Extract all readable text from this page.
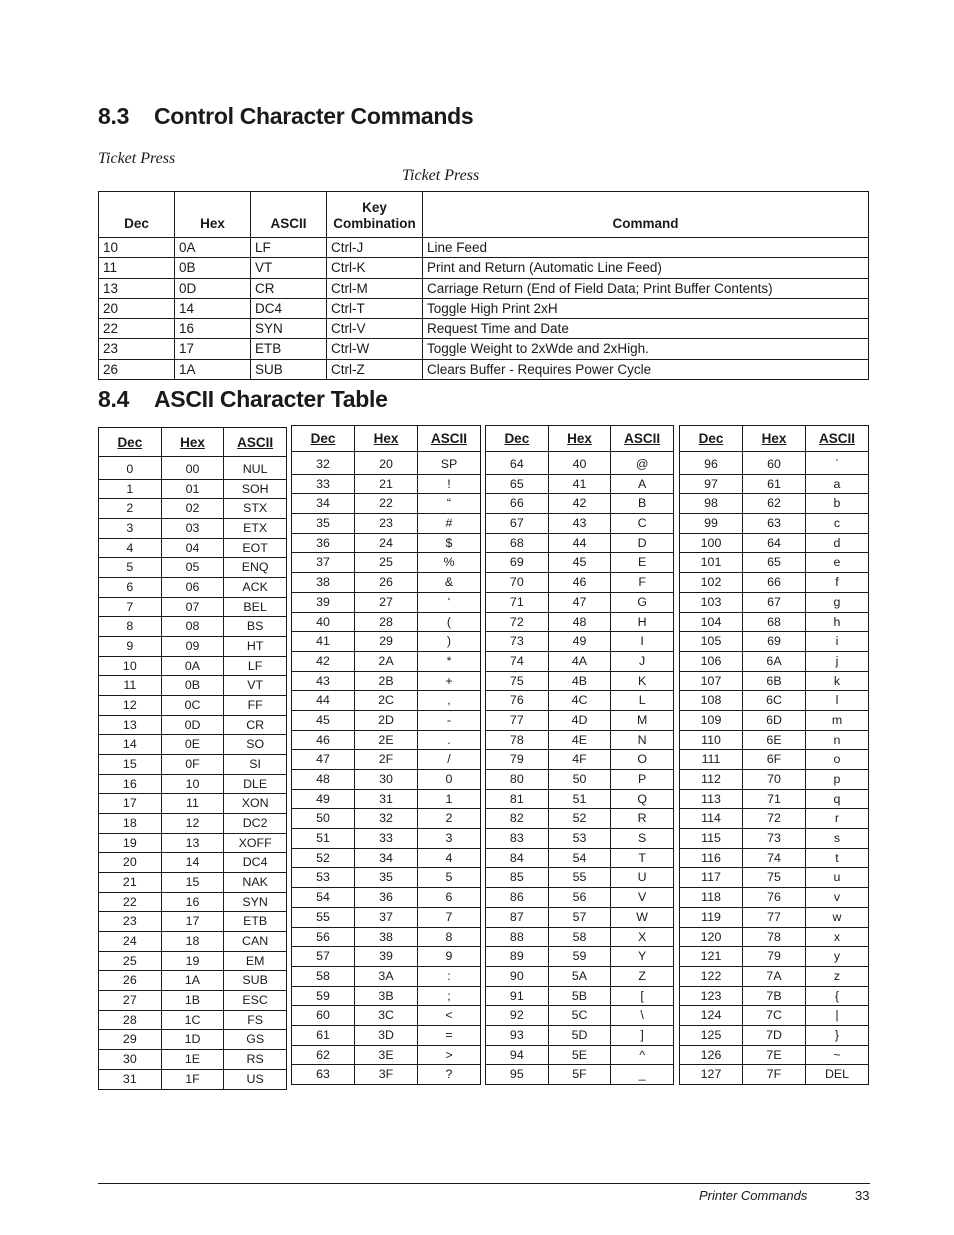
8.3 Control Character Commands
Ticket Press
Ticket Press
Dec	Hex	ASCII	Key Combination	Command
10	0A	LF	Ctrl-J	Line Feed
11	0B	VT	Ctrl-K	Print and Return (Automatic Line Feed)
13	0D	CR	Ctrl-M	Carriage Return (End of Field Data; Print Buffer Contents)
20	14	DC4	Ctrl-T	Toggle High Print 2xH
22	16	SYN	Ctrl-V	Request Time and Date
23	17	ETB	Ctrl-W	Toggle Weight to 2xWde and 2xHigh.
26	1A	SUB	Ctrl-Z	Clears Buffer - Requires Power Cycle
8.4 ASCII Character Table
Dec	Hex	ASCII

0	00	NUL
1	01	SOH
2	02	STX
3	03	ETX
4	04	EOT
5	05	ENQ
6	06	ACK
7	07	BEL
8	08	BS
9	09	HT
10	0A	LF
11	0B	VT
12	0C	FF
13	0D	CR
14	0E	SO
15	0F	SI
16	10	DLE
17	11	XON
18	12	DC2
19	13	XOFF
20	14	DC4
21	15	NAK
22	16	SYN
23	17	ETB
24	18	CAN
25	19	EM
26	1A	SUB
27	1B	ESC
28	1C	FS
29	1D	GS
30	1E	RS
31	1F	US
Dec	Hex	ASCII

32	20	SP
33	21	!
34	22	“
35	23	#
36	24	$
37	25	%
38	26	&
39	27	‘
40	28	(
41	29	)
42	2A	*
43	2B	+
44	2C	,
45	2D	-
46	2E	.
47	2F	/
48	30	0
49	31	1
50	32	2
51	33	3
52	34	4
53	35	5
54	36	6
55	37	7
56	38	8
57	39	9
58	3A	:
59	3B	;
60	3C	<
61	3D	=
62	3E	>
63	3F	?
Dec	Hex	ASCII

64	40	@
65	41	A
66	42	B
67	43	C
68	44	D
69	45	E
70	46	F
71	47	G
72	48	H
73	49	I
74	4A	J
75	4B	K
76	4C	L
77	4D	M
78	4E	N
79	4F	O
80	50	P
81	51	Q
82	52	R
83	53	S
84	54	T
85	55	U
86	56	V
87	57	W
88	58	X
89	59	Y
90	5A	Z
91	5B	[
92	5C	\
93	5D	]
94	5E	^
95	5F	_
Dec	Hex	ASCII

96	60	`
97	61	a
98	62	b
99	63	c
100	64	d
101	65	e
102	66	f
103	67	g
104	68	h
105	69	i
106	6A	j
107	6B	k
108	6C	l
109	6D	m
110	6E	n
111	6F	o
112	70	p
113	71	q
114	72	r
115	73	s
116	74	t
117	75	u
118	76	v
119	77	w
120	78	x
121	79	y
122	7A	z
123	7B	{
124	7C	|
125	7D	}
126	7E	~
127	7F	DEL
Printer Commands	33
